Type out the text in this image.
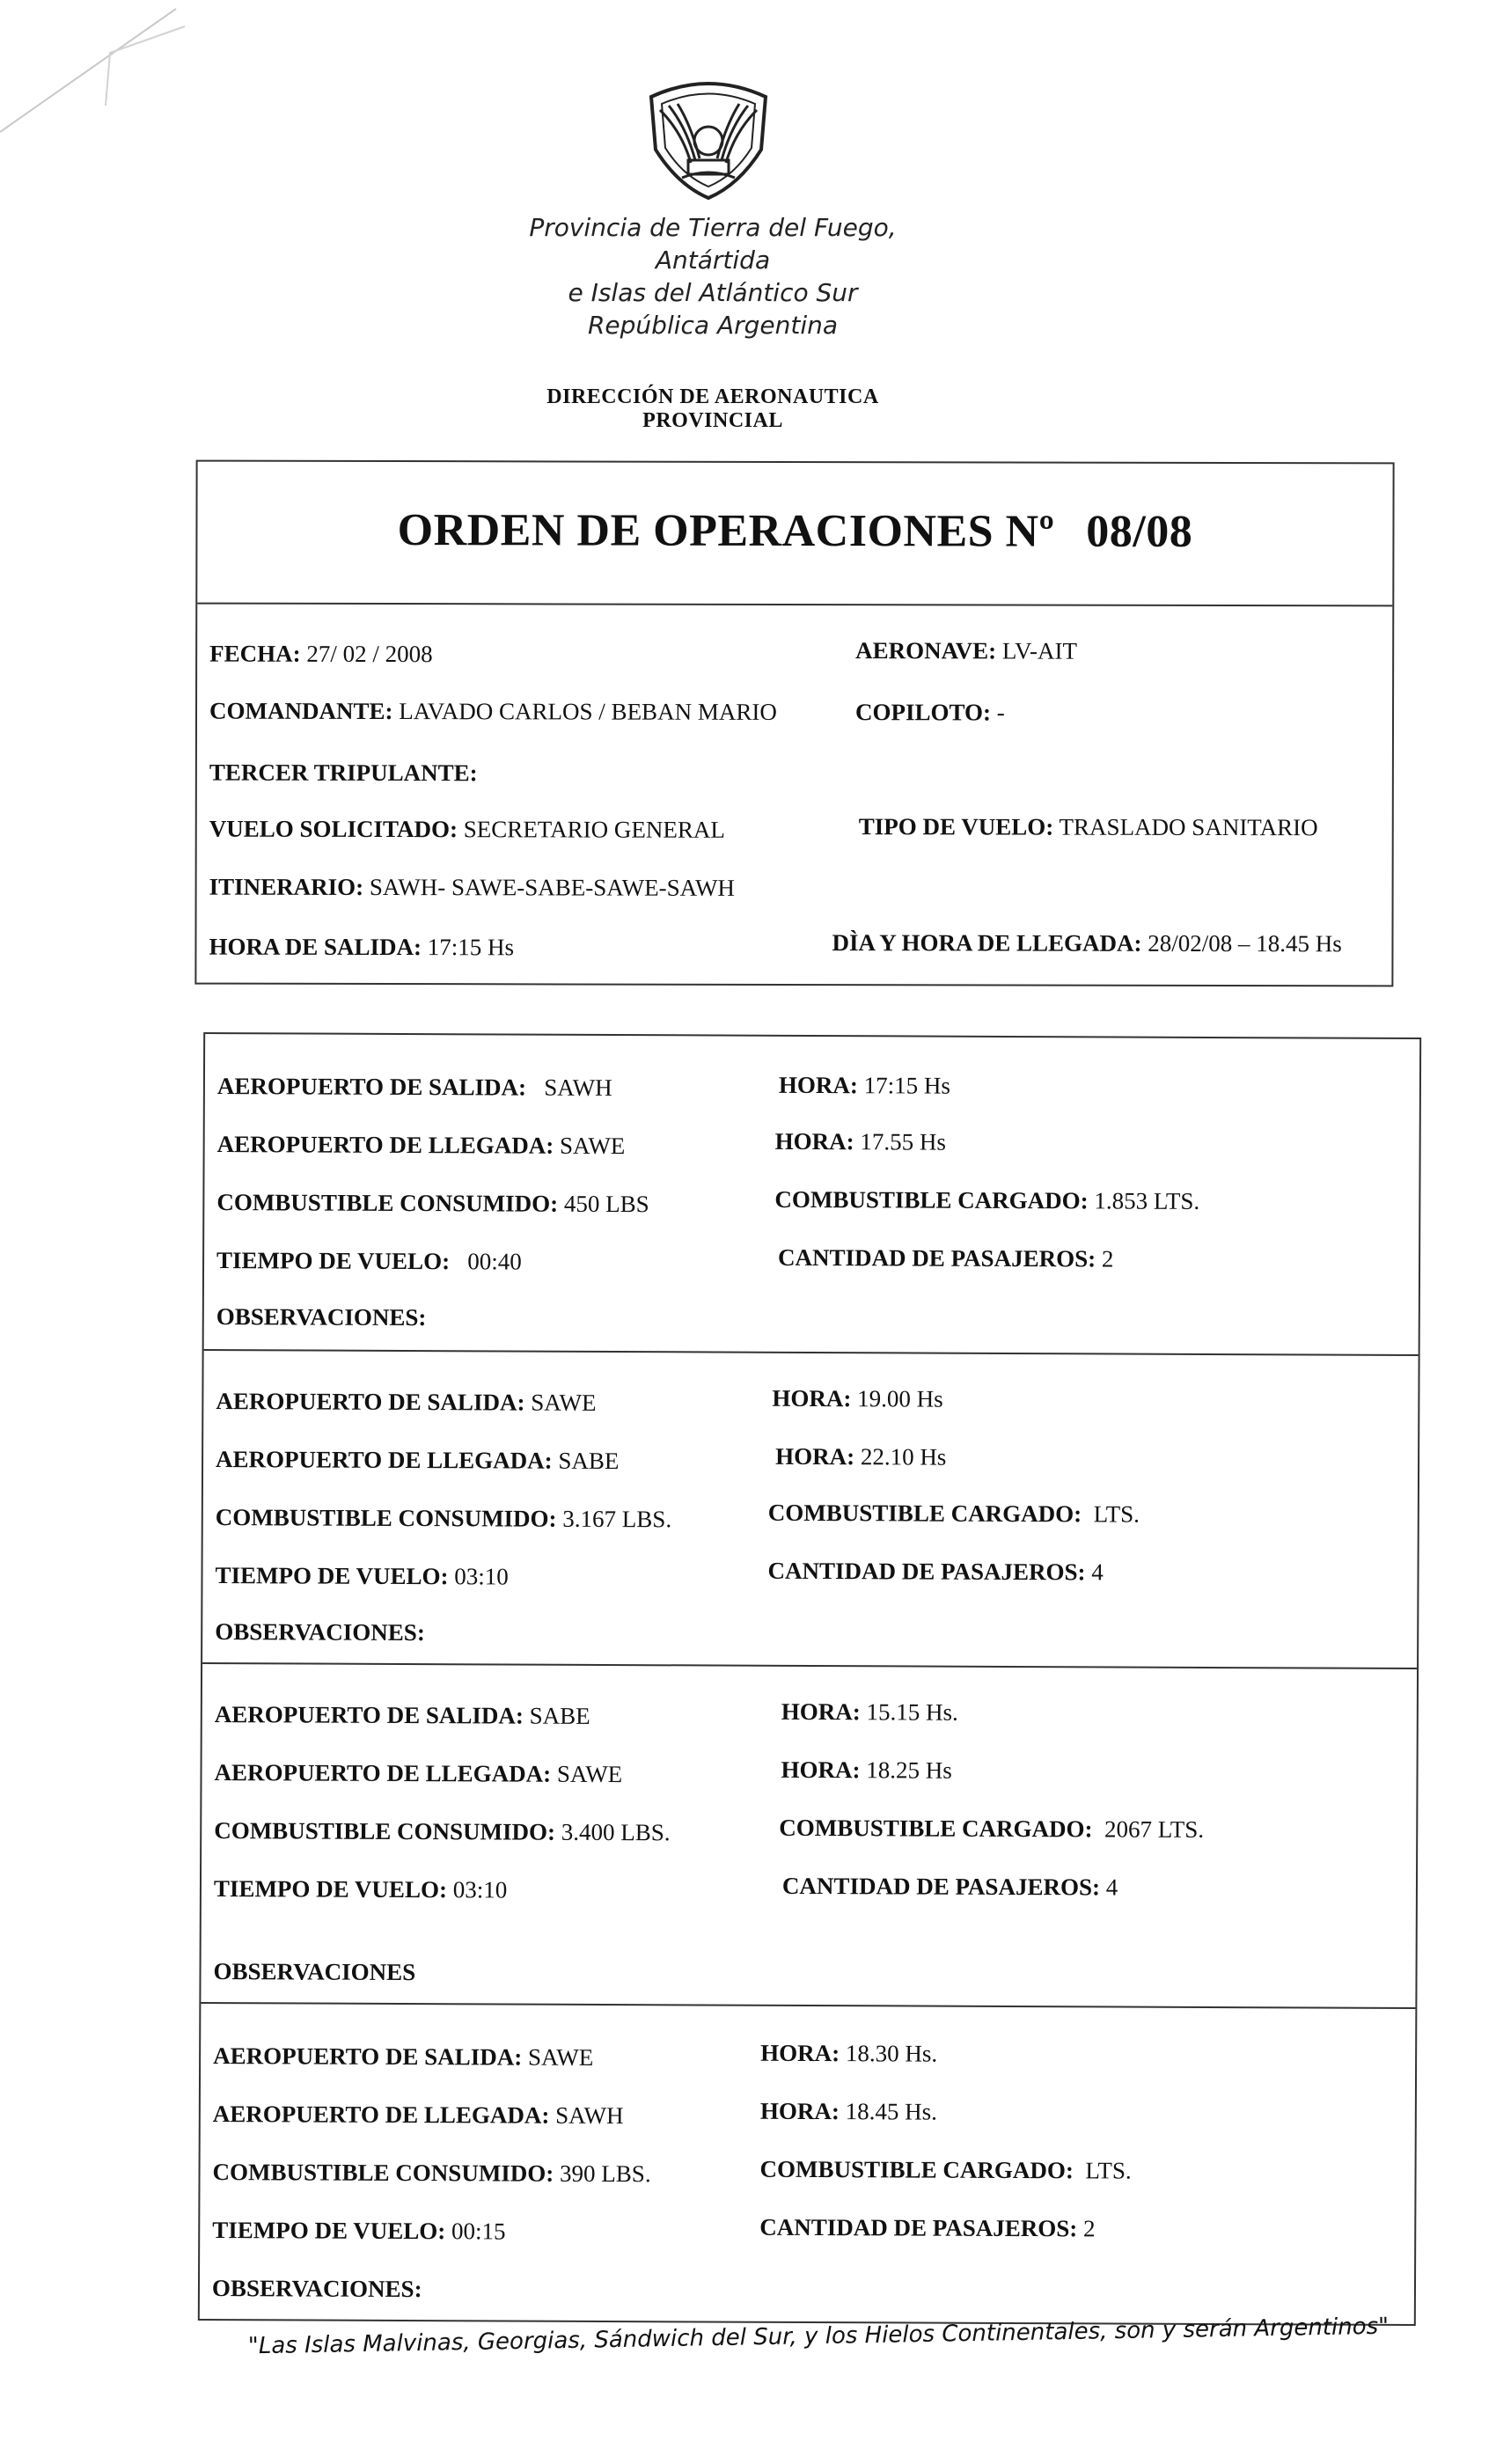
Provincia de Tierra del Fuego,
Antártida
e Islas del Atlántico Sur
República Argentina
DIRECCIÓN DE AERONAUTICA
PROVINCIAL
ORDEN DE OPERACIONES Nº 08/08
FECHA: 27/ 02 / 2008	AERONAVE: LV-AIT
COMANDANTE: LAVADO CARLOS / BEBAN MARIO	COPILOTO: -
TERCER TRIPULANTE:
VUELO SOLICITADO: SECRETARIO GENERAL	TIPO DE VUELO: TRASLADO SANITARIO
ITINERARIO: SAWH- SAWE-SABE-SAWE-SAWH
HORA DE SALIDA: 17:15 Hs	DÌA Y HORA DE LLEGADA: 28/02/08 – 18.45 Hs
AEROPUERTO DE SALIDA: SAWH	HORA: 17:15 Hs
AEROPUERTO DE LLEGADA: SAWE	HORA: 17.55 Hs
COMBUSTIBLE CONSUMIDO: 450 LBS	COMBUSTIBLE CARGADO: 1.853 LTS.
TIEMPO DE VUELO: 00:40	CANTIDAD DE PASAJEROS: 2
OBSERVACIONES:
AEROPUERTO DE SALIDA: SAWE	HORA: 19.00 Hs
AEROPUERTO DE LLEGADA: SABE	HORA: 22.10 Hs
COMBUSTIBLE CONSUMIDO: 3.167 LBS.	COMBUSTIBLE CARGADO: LTS.
TIEMPO DE VUELO: 03:10	CANTIDAD DE PASAJEROS: 4
OBSERVACIONES:
AEROPUERTO DE SALIDA: SABE	HORA: 15.15 Hs.
AEROPUERTO DE LLEGADA: SAWE	HORA: 18.25 Hs
COMBUSTIBLE CONSUMIDO: 3.400 LBS.	COMBUSTIBLE CARGADO: 2067 LTS.
TIEMPO DE VUELO: 03:10	CANTIDAD DE PASAJEROS: 4
OBSERVACIONES
AEROPUERTO DE SALIDA: SAWE	HORA: 18.30 Hs.
AEROPUERTO DE LLEGADA: SAWH	HORA: 18.45 Hs.
COMBUSTIBLE CONSUMIDO: 390 LBS.	COMBUSTIBLE CARGADO: LTS.
TIEMPO DE VUELO: 00:15	CANTIDAD DE PASAJEROS: 2
OBSERVACIONES:
"Las Islas Malvinas, Georgias, Sándwich del Sur, y los Hielos Continentales, son y serán Argentinos"
